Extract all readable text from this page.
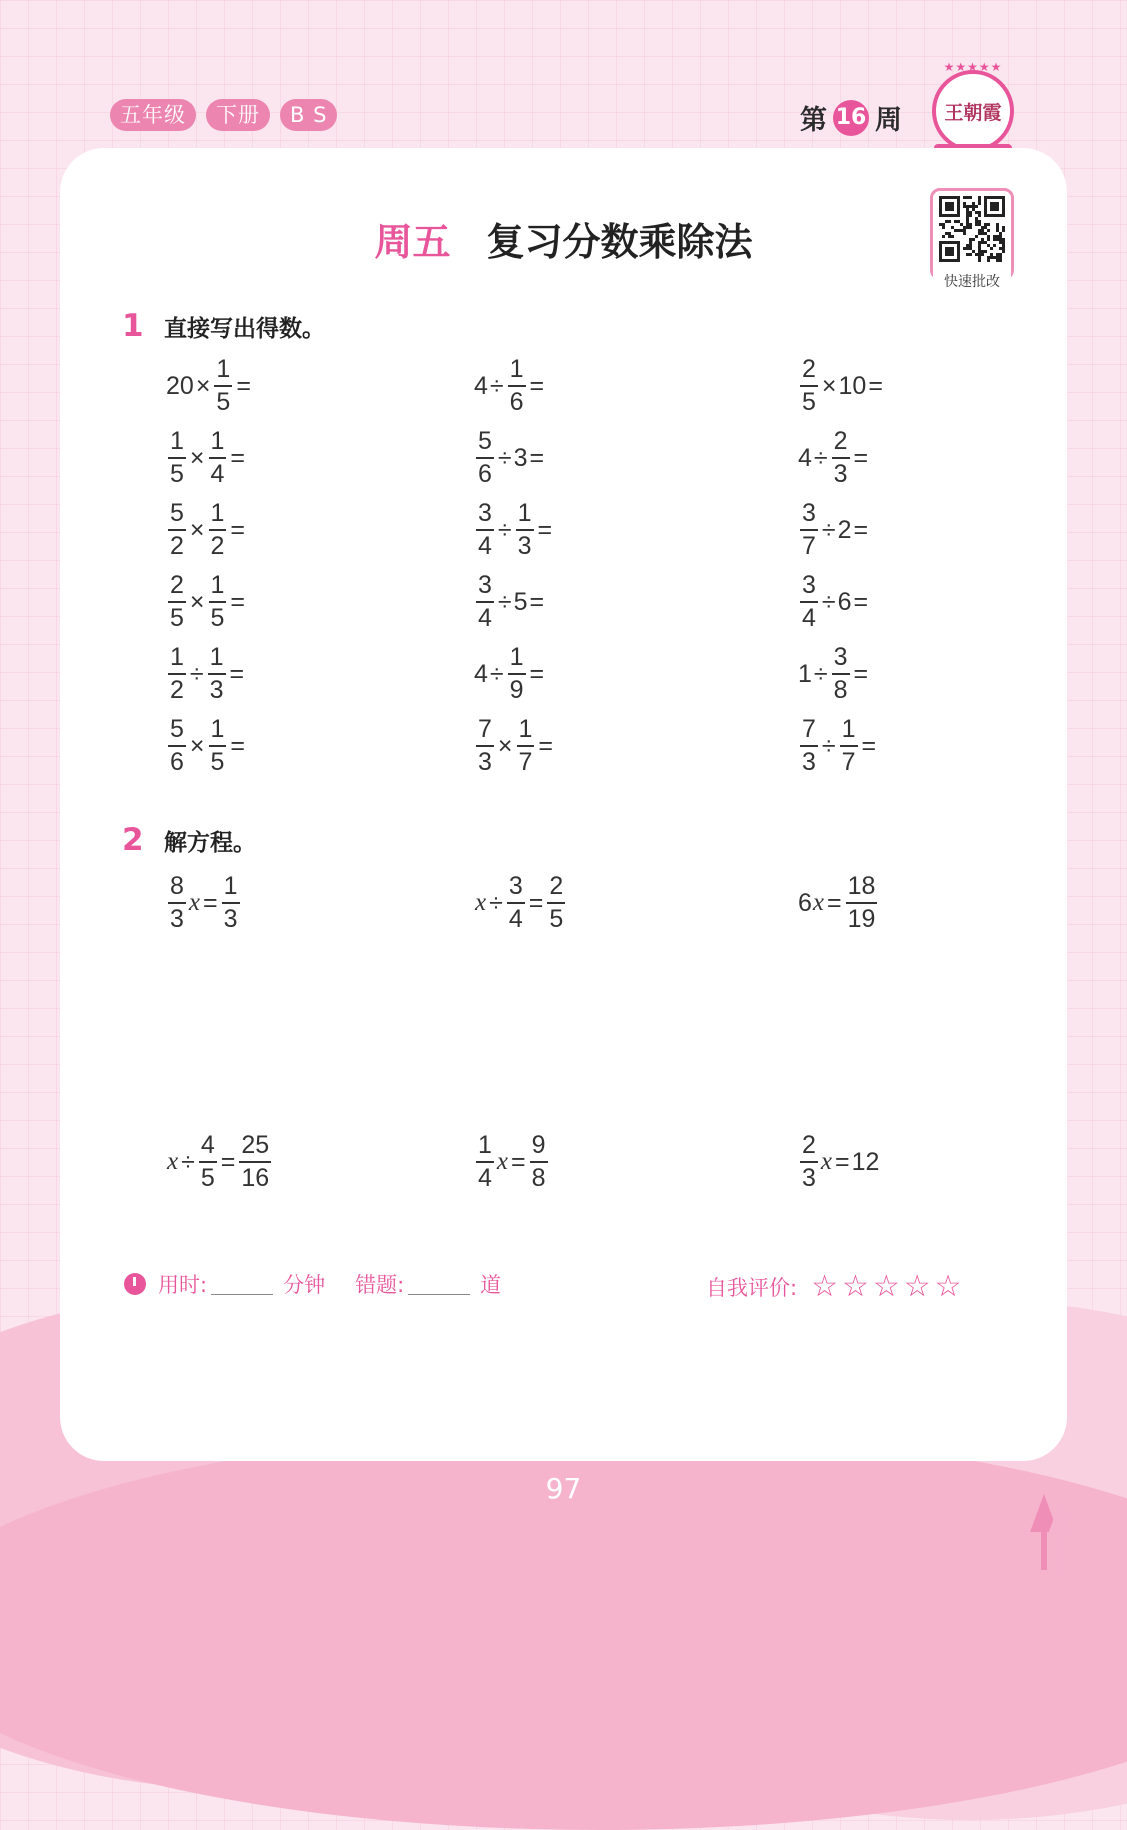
五年级	下册	B S	第 16 周
★★★★★
王朝霞
周五 复习分数乘除法
快速批改
1 直接写出得数。
2 解方程。
$20 \times \frac{1}{5}$ =	$4 \div \frac{1}{6}$ =	$\frac{2}{5} \times 10$ =
$\frac{1}{5} \times \frac{1}{4}$ =	$\frac{5}{6} \div 3$ =	$4 \div \frac{2}{3}$ =
$\frac{5}{2} \times \frac{1}{2}$ =	$\frac{3}{4} \div \frac{1}{3}$ =	$\frac{3}{7} \div 2$ =
$\frac{2}{5} \times \frac{1}{5}$ =	$\frac{3}{4} \div 5$ =	$\frac{3}{4} \div 6$ =
$\frac{1}{2} \div \frac{1}{3}$ =	$4 \div \frac{1}{9}$ =	$1 \div \frac{3}{8}$ =
$\frac{5}{6} \times \frac{1}{5}$ =	$\frac{7}{3} \times \frac{1}{7}$ =	$\frac{7}{3} \div \frac{1}{7}$ =
$\frac{8}{3}$ $x = \frac{1}{3}$	$x \div \frac{3}{4} = \frac{2}{5}$	6 $x = \frac{18}{19}$
$x \div \frac{4}{5} = \frac{25}{16}$	$\frac{1}{4}$ $x = \frac{9}{8}$	$\frac{2}{3}$ x = 12
用时:	分钟 错题:	道	自我评价: ☆☆☆☆☆
97
